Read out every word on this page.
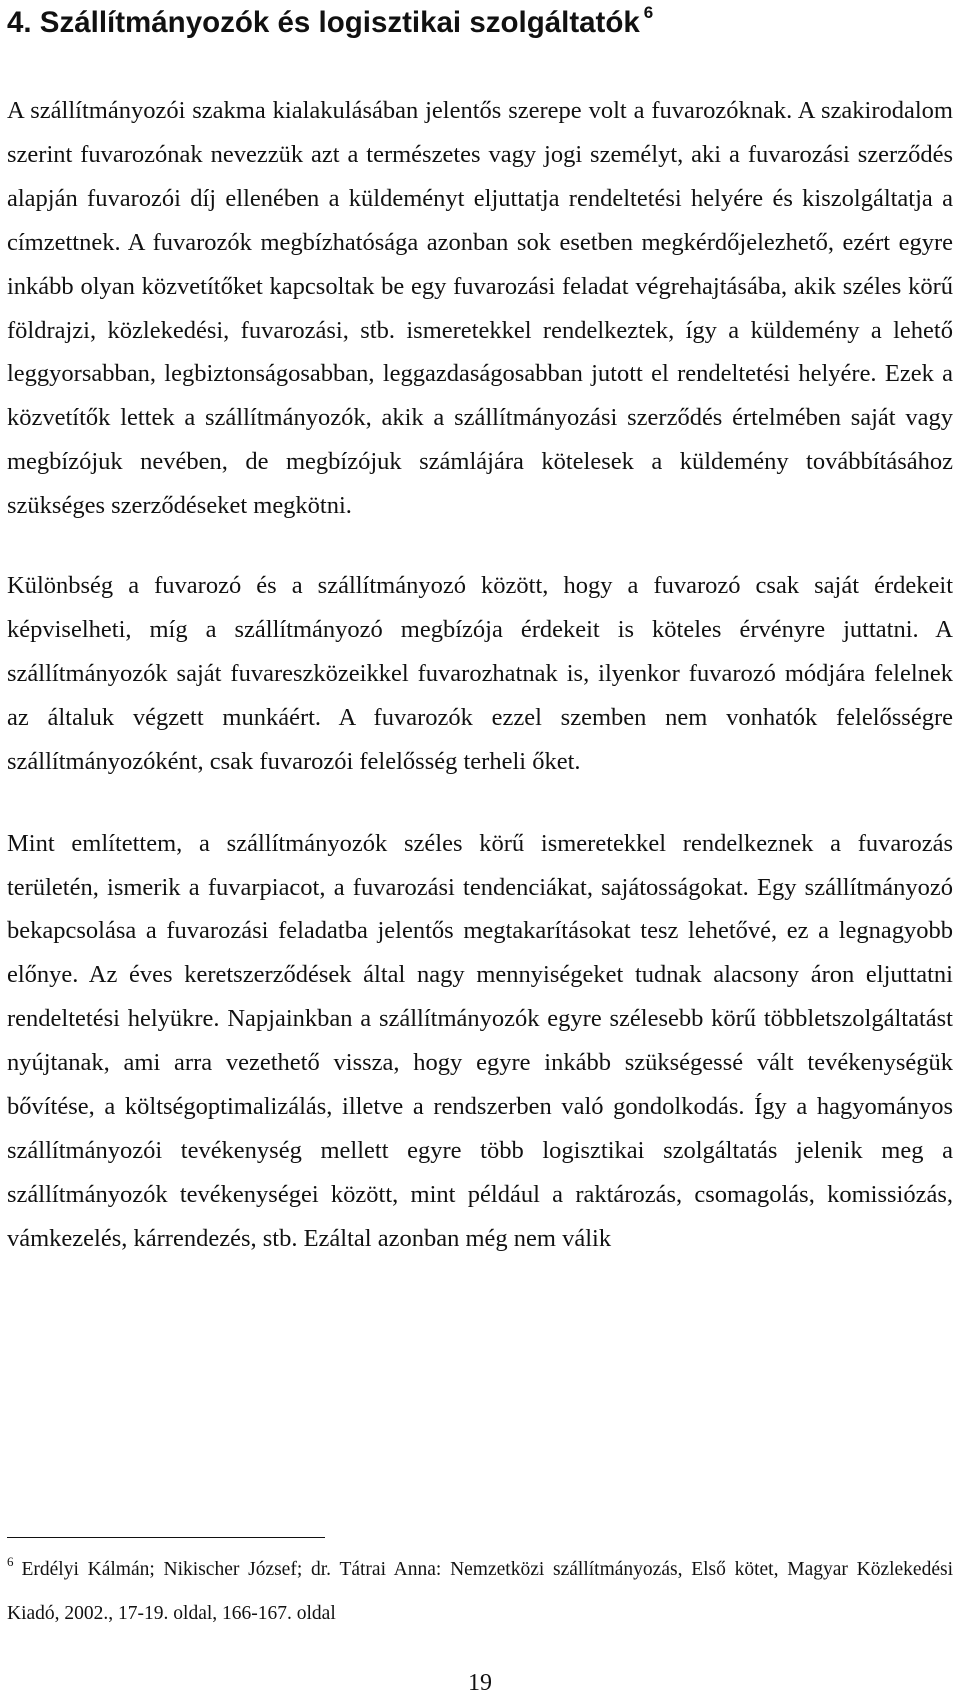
4. Szállítmányozók és logisztikai szolgáltatók $^6$

A szállítmányozói szakma kialakulásában jelentős szerepe volt a fuvarozóknak. A szakirodalom szerint fuvarozónak nevezzük azt a természetes vagy jogi személyt, aki a fuvarozási szerződés alapján fuvarozói díj ellenében a küldeményt eljuttatja rendeltetési helyére és kiszolgáltatja a címzettnek. A fuvarozók megbízhatósága azonban sok esetben megkérdőjelezhető, ezért egyre inkább olyan közvetítőket kapcsoltak be egy fuvarozási feladat végrehajtásába, akik széles körű földrajzi, közlekedési, fuvarozási, stb. ismeretekkel rendelkeztek, így a küldemény a lehető leggyorsabban, legbiztonságosabban, leggazdaságosabban jutott el rendeltetési helyére. Ezek a közvetítők lettek a szállítmányozók, akik a szállítmányozási szerződés értelmében saját vagy megbízójuk nevében, de megbízójuk számlájára kötelesek a küldemény továbbításához szükséges szerződéseket megkötni.

Különbség a fuvarozó és a szállítmányozó között, hogy a fuvarozó csak saját érdekeit képviselheti, míg a szállítmányozó megbízója érdekeit is köteles érvényre juttatni. A szállítmányozók saját fuvareszközeikkel fuvarozhatnak is, ilyenkor fuvarozó módjára felelnek az általuk végzett munkáért. A fuvarozók ezzel szemben nem vonhatók felelősségre szállítmányozóként, csak fuvarozói felelősség terheli őket.

Mint említettem, a szállítmányozók széles körű ismeretekkel rendelkeznek a fuvarozás területén, ismerik a fuvarpiacot, a fuvarozási tendenciákat, sajátosságokat. Egy szállítmányozó bekapcsolása a fuvarozási feladatba jelentős megtakarításokat tesz lehetővé, ez a legnagyobb előnye. Az éves keretszerződések által nagy mennyiségeket tudnak alacsony áron eljuttatni rendeltetési helyükre. Napjainkban a szállítmányozók egyre szélesebb körű többletszolgáltatást nyújtanak, ami arra vezethető vissza, hogy egyre inkább szükségessé vált tevékenységük bővítése, a költségoptimalizálás, illetve a rendszerben való gondolkodás. Így a hagyományos szállítmányozói tevékenység mellett egyre több logisztikai szolgáltatás jelenik meg a szállítmányozók tevékenységei között, mint például a raktározás, csomagolás, komissiózás, vámkezelés, kárrendezés, stb. Ezáltal azonban még nem válik

$^6$ Erdélyi Kálmán; Nikischer József; dr. Tátrai Anna: Nemzetközi szállítmányozás, Első kötet, Magyar Közlekedési Kiadó, 2002., 17-19. oldal, 166-167. oldal

19
